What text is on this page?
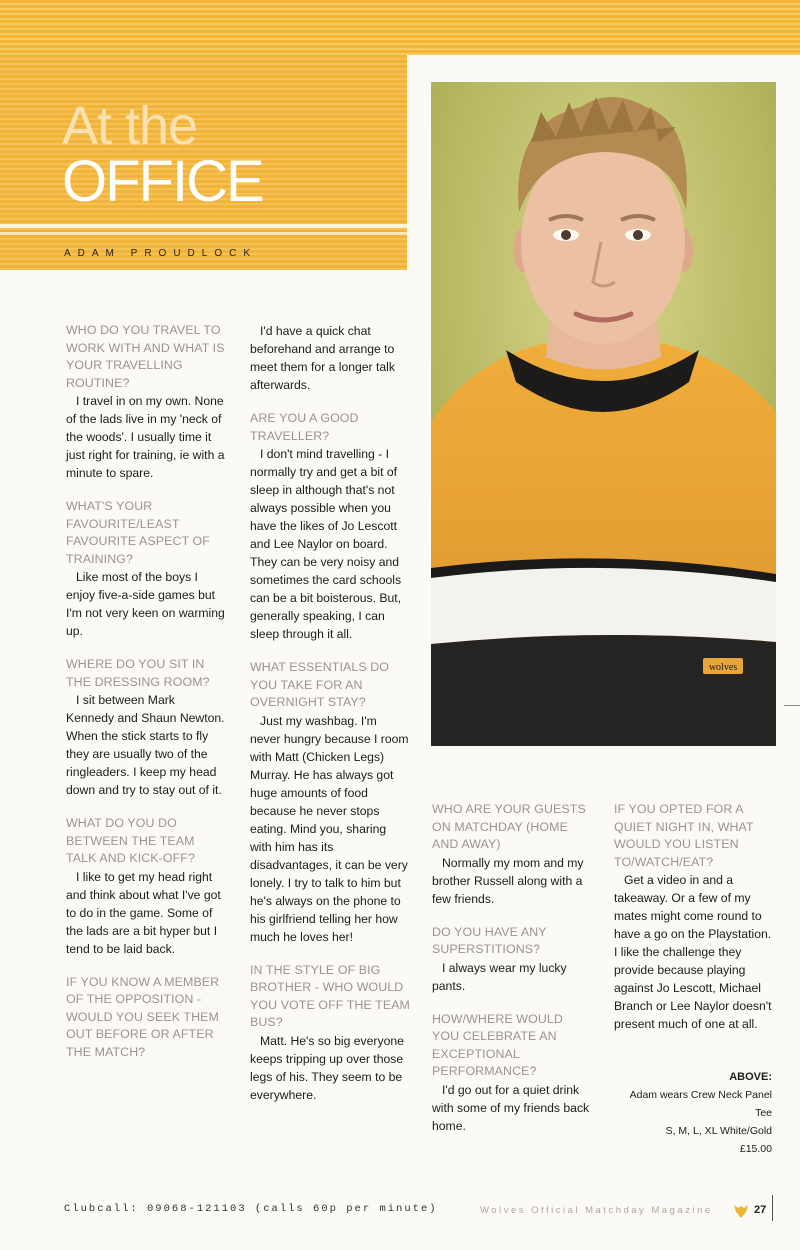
At the
OFFICE
ADAM PROUDLOCK
wolves

WHO DO YOU TRAVEL TO WORK WITH AND WHAT IS YOUR TRAVELLING ROUTINE?

I travel in on my own. None of the lads live in my 'neck of the woods'. I usually time it just right for training, ie with a minute to spare.

WHAT'S YOUR FAVOURITE/LEAST FAVOURITE ASPECT OF TRAINING?

Like most of the boys I enjoy five-a-side games but I'm not very keen on warming up.

WHERE DO YOU SIT IN THE DRESSING ROOM?

I sit between Mark Kennedy and Shaun Newton. When the stick starts to fly they are usually two of the ringleaders. I keep my head down and try to stay out of it.

WHAT DO YOU DO BETWEEN THE TEAM TALK AND KICK-OFF?

I like to get my head right and think about what I've got to do in the game. Some of the lads are a bit hyper but I tend to be laid back.

IF YOU KNOW A MEMBER OF THE OPPOSITION - WOULD YOU SEEK THEM OUT BEFORE OR AFTER THE MATCH?

I'd have a quick chat beforehand and arrange to meet them for a longer talk afterwards.

ARE YOU A GOOD TRAVELLER?

I don't mind travelling - I normally try and get a bit of sleep in although that's not always possible when you have the likes of Jo Lescott and Lee Naylor on board. They can be very noisy and sometimes the card schools can be a bit boisterous. But, generally speaking, I can sleep through it all.

WHAT ESSENTIALS DO YOU TAKE FOR AN OVERNIGHT STAY?

Just my washbag. I'm never hungry because I room with Matt (Chicken Legs) Murray. He has always got huge amounts of food because he never stops eating. Mind you, sharing with him has its disadvantages, it can be very lonely. I try to talk to him but he's always on the phone to his girlfriend telling her how much he loves her!

IN THE STYLE OF BIG BROTHER - WHO WOULD YOU VOTE OFF THE TEAM BUS?

Matt. He's so big everyone keeps tripping up over those legs of his. They seem to be everywhere.

WHO ARE YOUR GUESTS ON MATCHDAY (HOME AND AWAY)

Normally my mom and my brother Russell along with a few friends.

DO YOU HAVE ANY SUPERSTITIONS?

I always wear my lucky pants.

HOW/WHERE WOULD YOU CELEBRATE AN EXCEPTIONAL PERFORMANCE?

I'd go out for a quiet drink with some of my friends back home.

IF YOU OPTED FOR A QUIET NIGHT IN, WHAT WOULD YOU LISTEN TO/WATCH/EAT?

Get a video in and a takeaway. Or a few of my mates might come round to have a go on the Playstation. I like the challenge they provide because playing against Jo Lescott, Michael Branch or Lee Naylor doesn't present much of one at all.

ABOVE:
Adam wears Crew Neck Panel Tee
S, M, L, XL White/Gold
£15.00
Clubcall: 09068-121103 (calls 60p per minute)	Wolves Official Matchday Magazine	27
